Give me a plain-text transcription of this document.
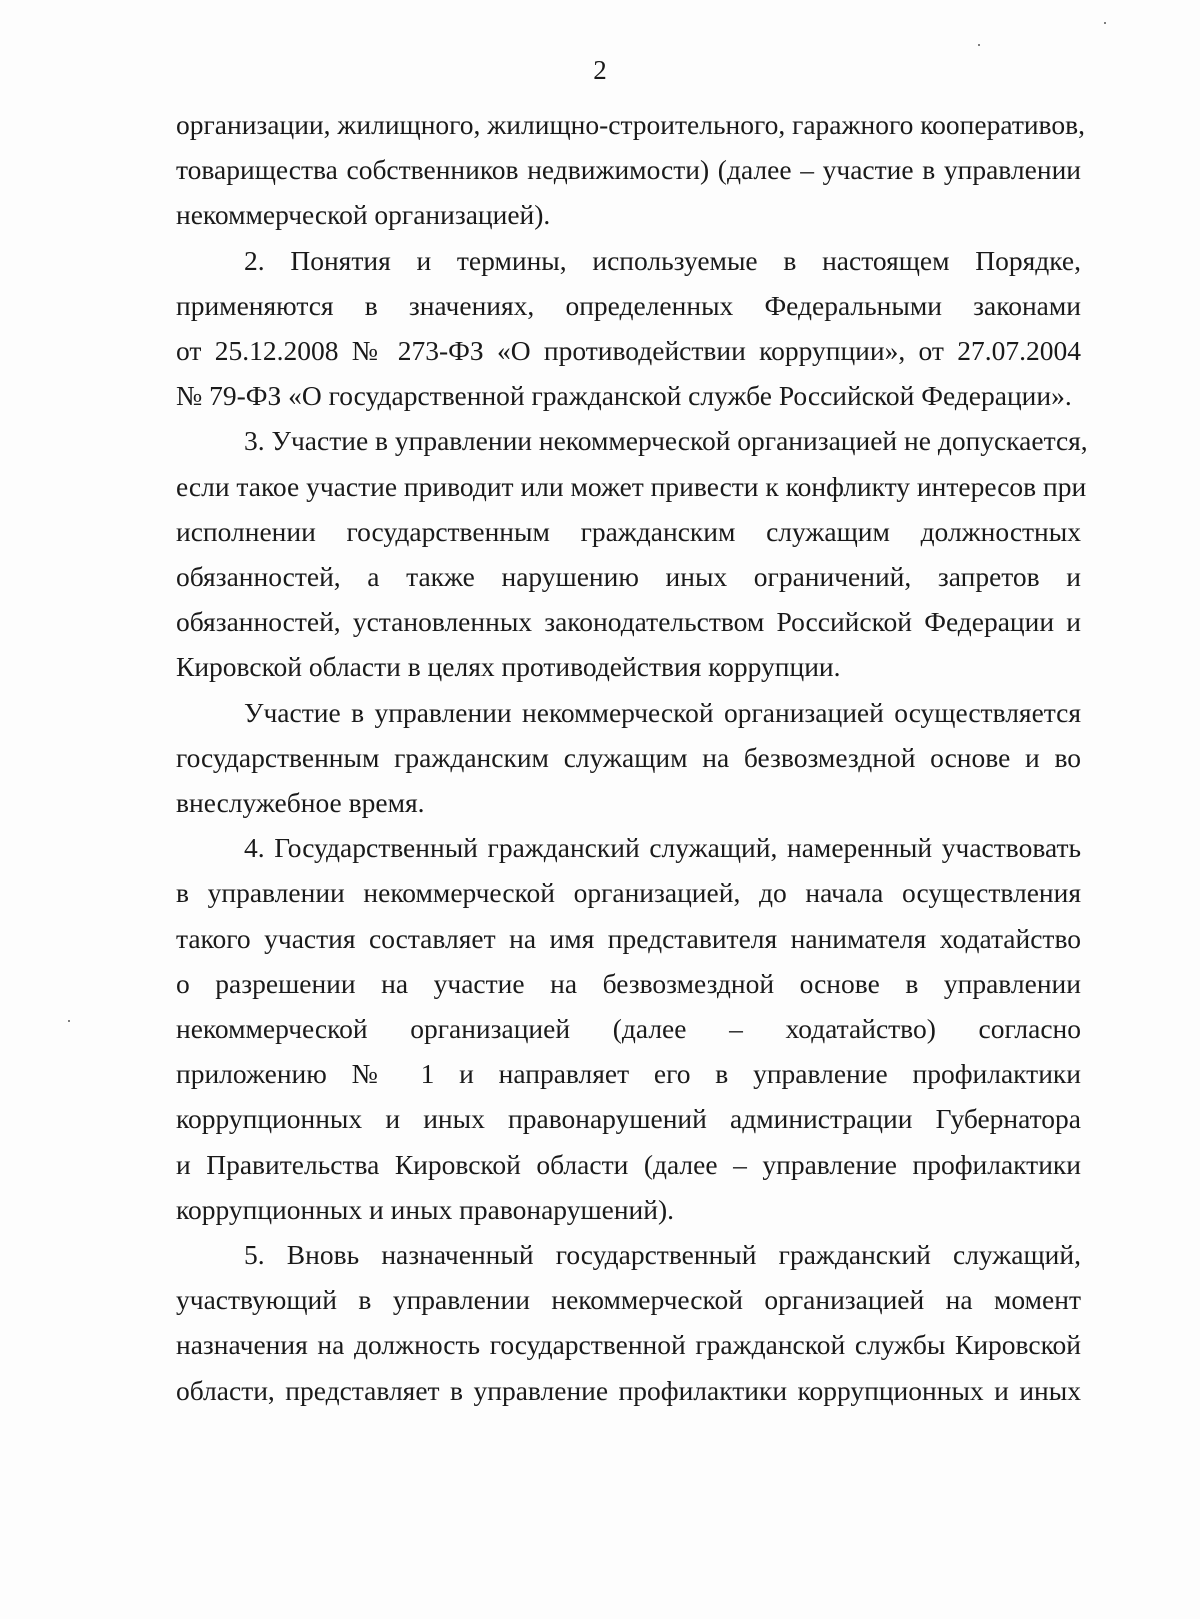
2
организации, жилищного, жилищно-строительного, гаражного кооперативов,
товарищества собственников недвижимости) (далее – участие в управлении
некоммерческой организацией).
2. Понятия и термины, используемые в настоящем Порядке,
применяются в значениях, определенных Федеральными законами
от 25.12.2008 № 273-ФЗ «О противодействии коррупции», от 27.07.2004
№ 79-ФЗ «О государственной гражданской службе Российской Федерации».
3. Участие в управлении некоммерческой организацией не допускается,
если такое участие приводит или может привести к конфликту интересов при
исполнении государственным гражданским служащим должностных
обязанностей, а также нарушению иных ограничений, запретов и
обязанностей, установленных законодательством Российской Федерации и
Кировской области в целях противодействия коррупции.
Участие в управлении некоммерческой организацией осуществляется
государственным гражданским служащим на безвозмездной основе и во
внеслужебное время.
4. Государственный гражданский служащий, намеренный участвовать
в управлении некоммерческой организацией, до начала осуществления
такого участия составляет на имя представителя нанимателя ходатайство
о разрешении на участие на безвозмездной основе в управлении
некоммерческой организацией (далее – ходатайство) согласно
приложению № 1 и направляет его в управление профилактики
коррупционных и иных правонарушений администрации Губернатора
и Правительства Кировской области (далее – управление профилактики
коррупционных и иных правонарушений).
5. Вновь назначенный государственный гражданский служащий,
участвующий в управлении некоммерческой организацией на момент
назначения на должность государственной гражданской службы Кировской
области, представляет в управление профилактики коррупционных и иных
